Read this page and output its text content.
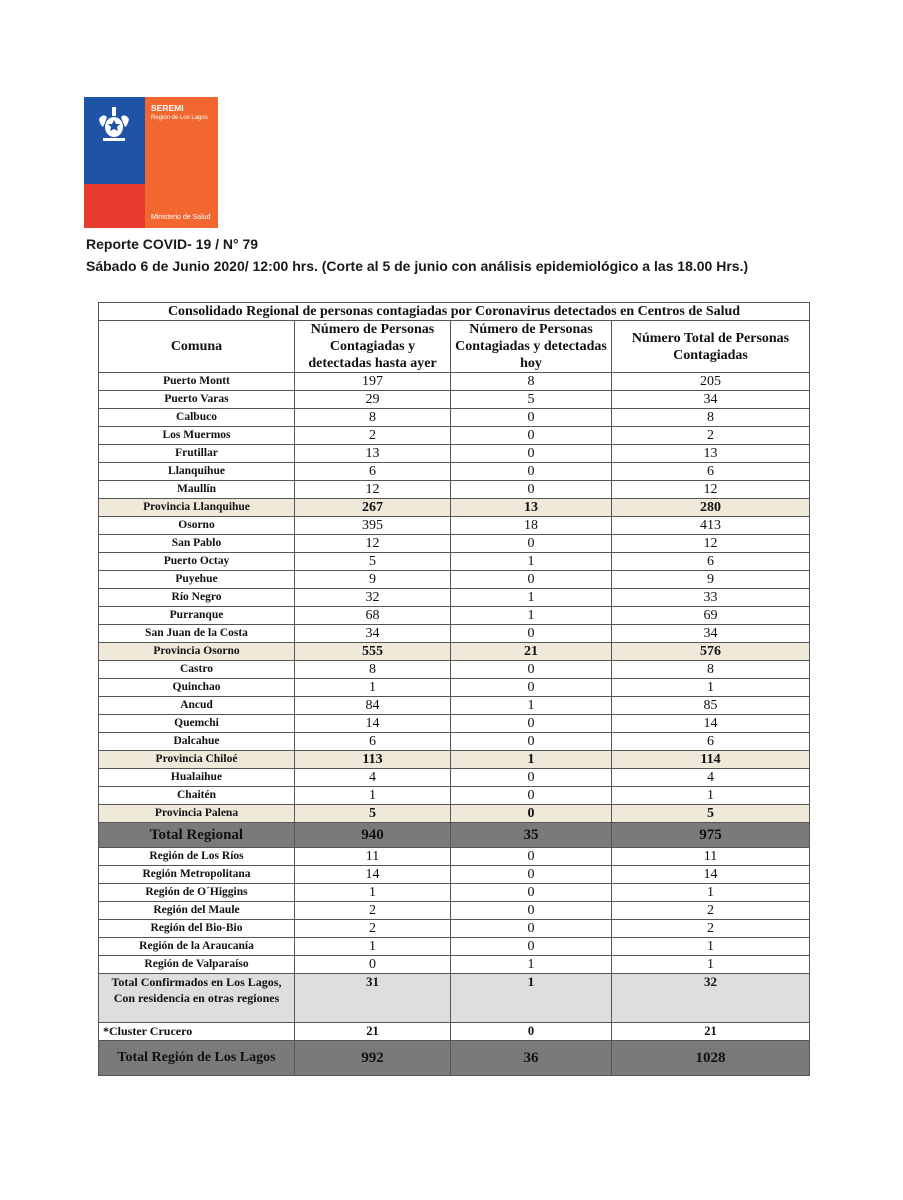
SEREMI
Región de Los Lagos
Ministerio de Salud
Reporte COVID- 19 / N° 79
Sábado 6 de Junio 2020/ 12:00 hrs. (Corte al 5 de junio con análisis epidemiológico a las 18.00 Hrs.)
Consolidado Regional de personas contagiadas por Coronavirus detectados en Centros de Salud			
Comuna	Número de Personas Contagiadas y detectadas hasta ayer	Número de Personas Contagiadas y detectadas hoy	Número Total de Personas Contagiadas
Puerto Montt	197	8	205
Puerto Varas	29	5	34
Calbuco	8	0	8
Los Muermos	2	0	2
Frutillar	13	0	13
Llanquihue	6	0	6
Maullín	12	0	12
Provincia Llanquihue	267	13	280
Osorno	395	18	413
San Pablo	12	0	12
Puerto Octay	5	1	6
Puyehue	9	0	9
Río Negro	32	1	33
Purranque	68	1	69
San Juan de la Costa	34	0	34
Provincia Osorno	555	21	576
Castro	8	0	8
Quinchao	1	0	1
Ancud	84	1	85
Quemchi	14	0	14
Dalcahue	6	0	6
Provincia Chiloé	113	1	114
Hualaihue	4	0	4
Chaitén	1	0	1
Provincia Palena	5	0	5
Total Regional	940	35	975
Región de Los Ríos	11	0	11
Región Metropolitana	14	0	14
Región de O´Higgins	1	0	1
Región del Maule	2	0	2
Región del Bio-Bio	2	0	2
Región de la Araucanía	1	0	1
Región de Valparaíso	0	1	1
Total Confirmados en Los Lagos, Con residencia en otras regiones	31	1	32
*Cluster Crucero	21	0	21
Total Región de Los Lagos	992	36	1028
